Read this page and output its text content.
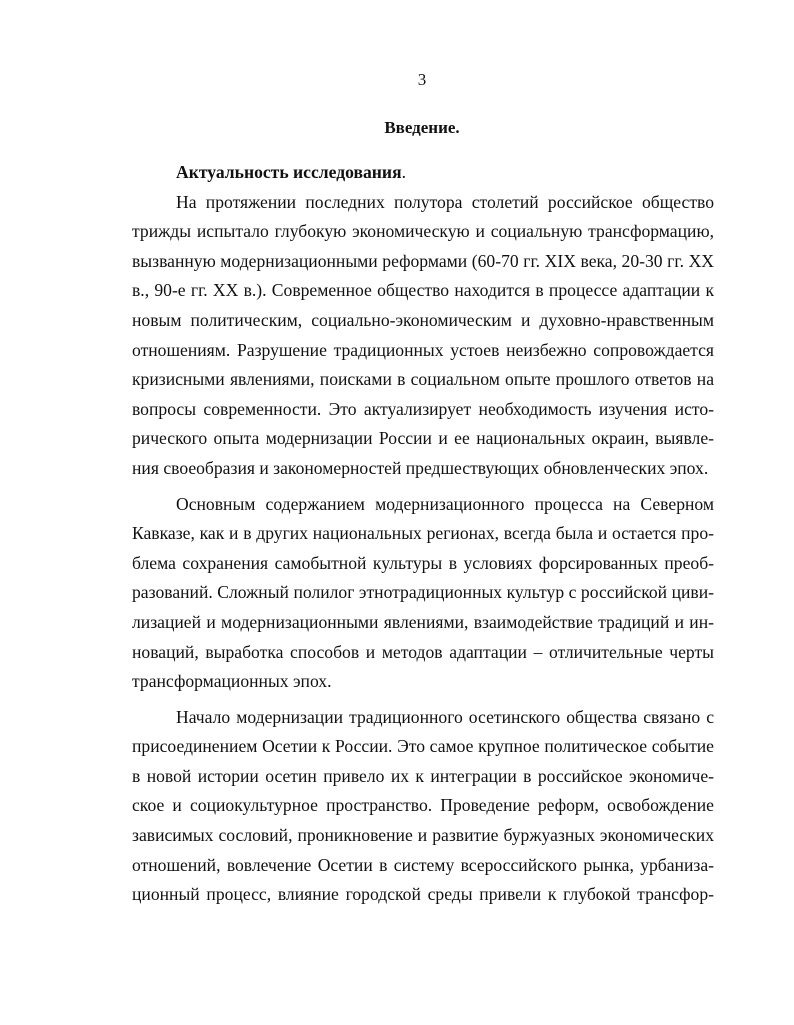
3
Введение.
Актуальность исследования.
На протяжении последних полутора столетий российское общество
трижды испытало глубокую экономическую и социальную трансформацию,
вызванную модернизационными реформами (60-70 гг. XIX века, 20-30 гг. XX
в., 90-е гг. XX в.). Современное общество находится в процессе адаптации к
новым политическим, социально-экономическим и духовно-нравственным
отношениям. Разрушение традиционных устоев неизбежно сопровождается
кризисными явлениями, поисками в социальном опыте прошлого ответов на
вопросы современности. Это актуализирует необходимость изучения исто-
рического опыта модернизации России и ее национальных окраин, выявле-
ния своеобразия и закономерностей предшествующих обновленческих эпох.
Основным содержанием модернизационного процесса на Северном
Кавказе, как и в других национальных регионах, всегда была и остается про-
блема сохранения самобытной культуры в условиях форсированных преоб-
разований. Сложный полилог этнотрадиционных культур с российской циви-
лизацией и модернизационными явлениями, взаимодействие традиций и ин-
новаций, выработка способов и методов адаптации – отличительные черты
трансформационных эпох.
Начало модернизации традиционного осетинского общества связано с
присоединением Осетии к России. Это самое крупное политическое событие
в новой истории осетин привело их к интеграции в российское экономиче-
ское и социокультурное пространство. Проведение реформ, освобождение
зависимых сословий, проникновение и развитие буржуазных экономических
отношений, вовлечение Осетии в систему всероссийского рынка, урбаниза-
ционный процесс, влияние городской среды привели к глубокой трансфор-
